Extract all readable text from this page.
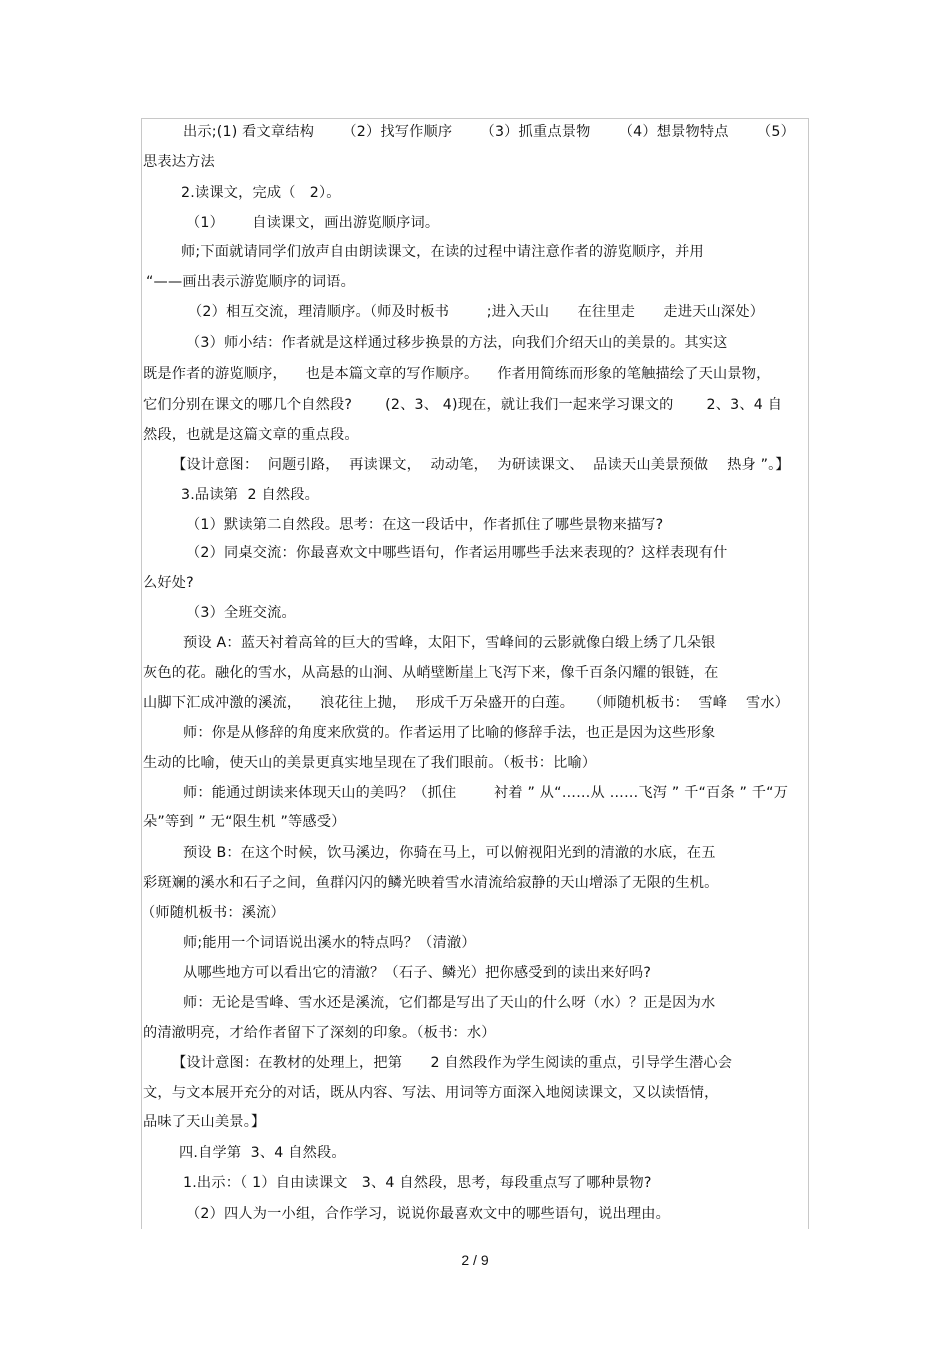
出示;(1) 看文章结构      （2）找写作顺序      （3）抓重点景物      （4）想景物特点      （5）
思表达方法
2.读课文，完成（   2）。
（1）      自读课文，画出游览顺序词。
师;下面就请同学们放声自由朗读课文，在读的过程中请注意作者的游览顺序，并用
“——画出表示游览顺序的词语。
（2）相互交流，理清顺序。（师及时板书        ;进入天山      在往里走      走进天山深处）
（3）师小结：作者就是这样通过移步换景的方法，向我们介绍天山的美景的。其实这
既是作者的游览顺序，    也是本篇文章的写作顺序。    作者用简练而形象的笔触描绘了天山景物，
它们分别在课文的哪几个自然段?       (2、3、 4)现在，就让我们一起来学习课文的       2、3、4 自
然段，也就是这篇文章的重点段。
【设计意图：  问题引路，  再读课文，  动动笔，  为研读课文、  品读天山美景预做    热身 ”。】
3.品读第  2 自然段。
（1）默读第二自然段。思考：在这一段话中，作者抓住了哪些景物来描写?
（2）同桌交流：你最喜欢文中哪些语句，作者运用哪些手法来表现的？这样表现有什
么好处?
（3）全班交流。
预设 A：蓝天衬着高耸的巨大的雪峰，太阳下，雪峰间的云影就像白缎上绣了几朵银
灰色的花。融化的雪水，从高悬的山涧、从峭壁断崖上飞泻下来，像千百条闪耀的银链，在
山脚下汇成冲激的溪流，    浪花往上抛，  形成千万朵盛开的白莲。   （师随机板书：  雪峰    雪水）
师：你是从修辞的角度来欣赏的。作者运用了比喻的修辞手法，也正是因为这些形象
生动的比喻，使天山的美景更真实地呈现在了我们眼前。（板书：比喻）
师：能通过朗读来体现天山的美吗？（抓住        衬着 ” 从“……从 ……飞泻 ” 千“百条 ” 千“万
朵”等到 ” 无“限生机 ”等感受）
预设 B：在这个时候，饮马溪边，你骑在马上，可以俯视阳光到的清澈的水底，在五
彩斑斓的溪水和石子之间，鱼群闪闪的鳞光映着雪水清流给寂静的天山增添了无限的生机。
（师随机板书：溪流）
师;能用一个词语说出溪水的特点吗？（清澈）
从哪些地方可以看出它的清澈？（石子、鳞光）把你感受到的读出来好吗?
师：无论是雪峰、雪水还是溪流，它们都是写出了天山的什么呀（水）？正是因为水
的清澈明亮，才给作者留下了深刻的印象。（板书：水）
【设计意图：在教材的处理上，把第      2 自然段作为学生阅读的重点，引导学生潜心会
文，与文本展开充分的对话，既从内容、写法、用词等方面深入地阅读课文，又以读悟情，
品味了天山美景。】
四.自学第  3、4 自然段。
1.出示：（ 1）自由读课文   3、4 自然段，思考，每段重点写了哪种景物?
（2）四人为一小组，合作学习，说说你最喜欢文中的哪些语句，说出理由。
2 / 9
